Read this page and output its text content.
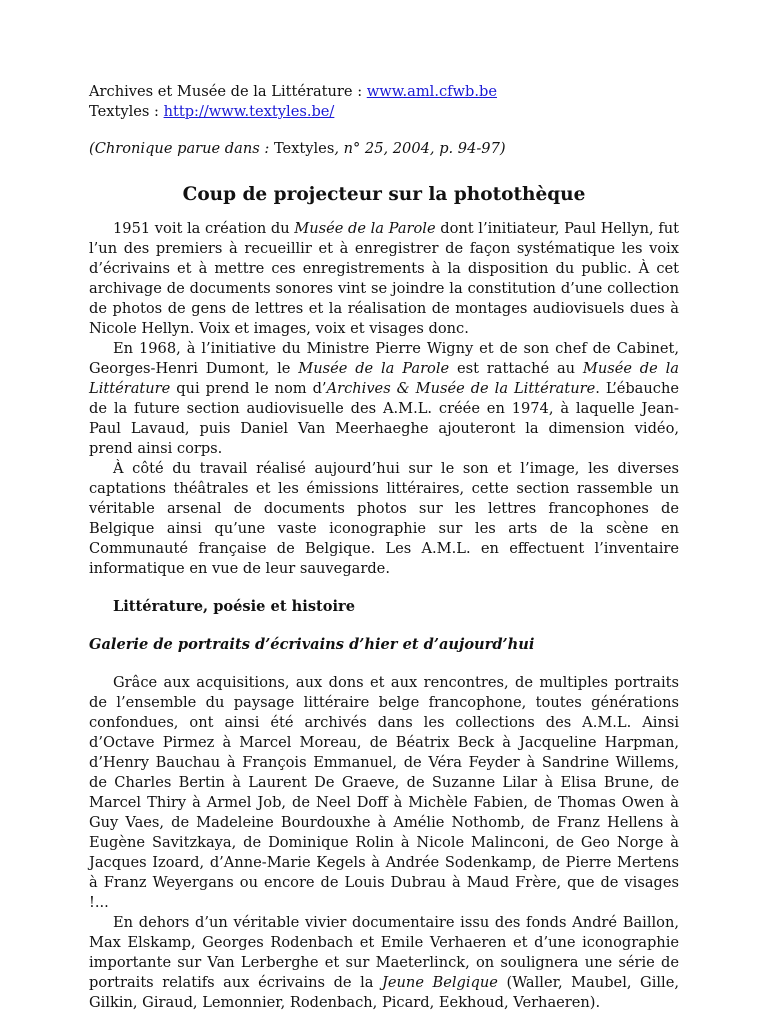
Archives et Musée de la Littérature : www.aml.cfwb.be
Textyles : http://www.textyles.be/
(Chronique parue dans : Textyles, n° 25, 2004, p. 94-97)
Coup de projecteur sur la photothèque

1951 voit la création du Musée de la Parole dont l’initiateur, Paul Hellyn, fut l’un des premiers à recueillir et à enregistrer de façon systématique les voix d’écrivains et à mettre ces enregistrements à la disposition du public. À cet archivage de documents sonores vint se joindre la constitution d’une collection de photos de gens de lettres et la réalisation de montages audiovisuels dues à Nicole Hellyn. Voix et images, voix et visages donc.

En 1968, à l’initiative du Ministre Pierre Wigny et de son chef de Cabinet, Georges-Henri Dumont, le Musée de la Parole est rattaché au Musée de la Littérature qui prend le nom d’Archives & Musée de la Littérature. L’ébauche de la future section audiovisuelle des A.M.L. créée en 1974, à laquelle Jean-Paul Lavaud, puis Daniel Van Meerhaeghe ajouteront la dimension vidéo, prend ainsi corps.

À côté du travail réalisé aujourd’hui sur le son et l’image, les diverses captations théâtrales et les émissions littéraires, cette section rassemble un véritable arsenal de documents photos sur les lettres francophones de Belgique ainsi qu’une vaste iconographie sur les arts de la scène en Communauté française de Belgique. Les A.M.L. en effectuent l’inventaire informatique en vue de leur sauvegarde.

Littérature, poésie et histoire
Galerie de portraits d’écrivains d’hier et d’aujourd’hui

Grâce aux acquisitions, aux dons et aux rencontres, de multiples portraits de l’ensemble du paysage littéraire belge francophone, toutes générations confondues, ont ainsi été archivés dans les collections des A.M.L. Ainsi d’Octave Pirmez à Marcel Moreau, de Béatrix Beck à Jacqueline Harpman, d’Henry Bauchau à François Emmanuel, de Véra Feyder à Sandrine Willems, de Charles Bertin à Laurent De Graeve, de Suzanne Lilar à Elisa Brune, de Marcel Thiry à Armel Job, de Neel Doff à Michèle Fabien, de Thomas Owen à Guy Vaes, de Madeleine Bourdouxhe à Amélie Nothomb, de Franz Hellens à Eugène Savitzkaya, de Dominique Rolin à Nicole Malinconi, de Geo Norge à Jacques Izoard, d’Anne-Marie Kegels à Andrée Sodenkamp, de Pierre Mertens à Franz Weyergans ou encore de Louis Dubrau à Maud Frère, que de visages !...

En dehors d’un véritable vivier documentaire issu des fonds André Baillon, Max Elskamp, Georges Rodenbach et Emile Verhaeren et d’une iconographie importante sur Van Lerberghe et sur Maeterlinck, on soulignera une série de portraits relatifs aux écrivains de la Jeune Belgique (Waller, Maubel, Gille, Gilkin, Giraud, Lemonnier, Rodenbach, Picard, Eekhoud, Verhaeren).
